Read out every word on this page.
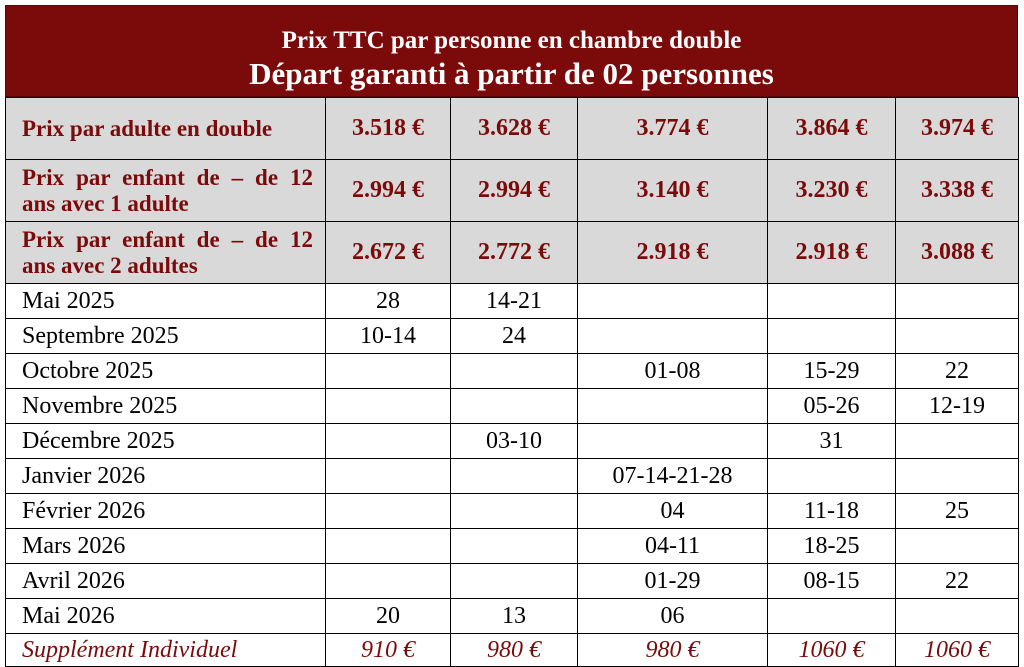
Prix TTC par personne en chambre double
Départ garanti à partir de 02 personnes
Prix par adulte en double	3.518 €	3.628 €	3.774 €	3.864 €	3.974 €
Prix par enfant de – de 12 ans avec 1 adulte	2.994 €	2.994 €	3.140 €	3.230 €	3.338 €
Prix par enfant de – de 12 ans avec 2 adultes	2.672 €	2.772 €	2.918 €	2.918 €	3.088 €
Mai 2025	28	14-21			
Septembre 2025	10-14	24			
Octobre 2025			01-08	15-29	22
Novembre 2025				05-26	12-19
Décembre 2025		03-10		31	
Janvier 2026			07-14-21-28		
Février 2026			04	11-18	25
Mars 2026			04-11	18-25	
Avril 2026			01-29	08-15	22
Mai 2026	20	13	06		
Supplément Individuel	910 €	980 €	980 €	1060 €	1060 €
